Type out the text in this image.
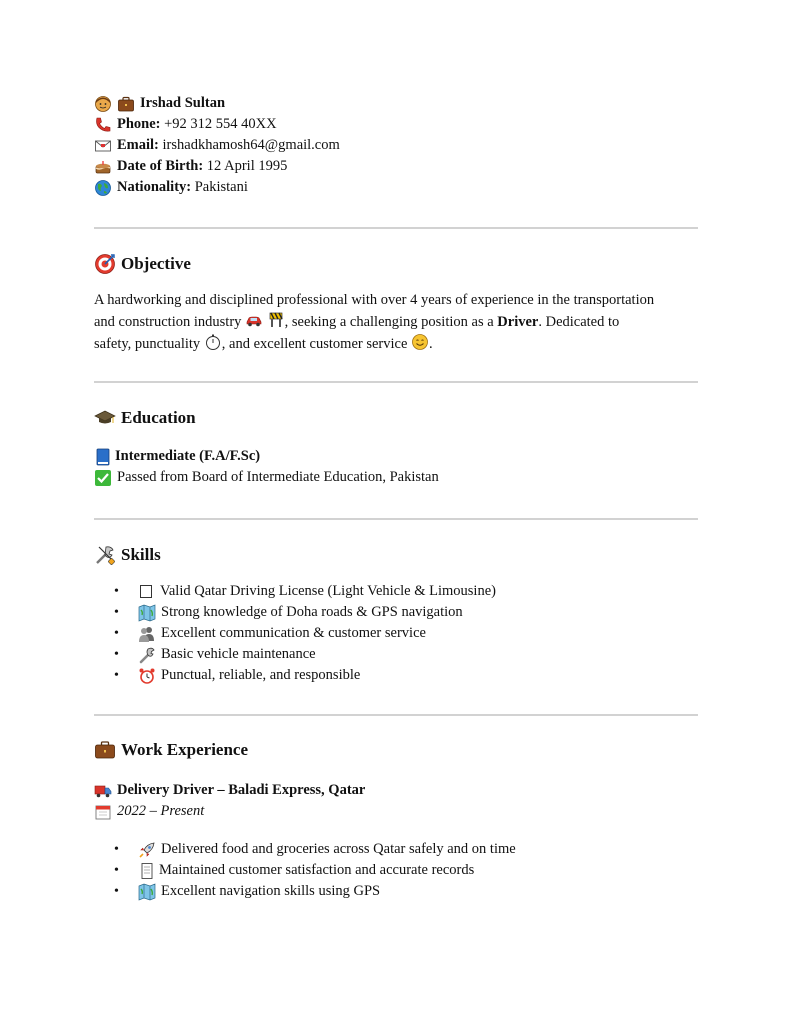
Irshad Sultan
Phone:
+92 312 554 40XX
Email:
irshadkhamosh64@gmail.com
Date of Birth:
12 April 1995
Nationality:
Pakistani
Objective
A hardworking and disciplined professional with over 4 years of experience in the transportation
and construction industry
	, seeking a challenging position as a Driver. Dedicated to
safety, punctuality , and excellent customer service .
Education
Intermediate (F.A/F.Sc)
Passed from Board of Intermediate Education, Pakistan
Skills
•	Valid Qatar Driving License (Light Vehicle & Limousine)
•	Strong knowledge of Doha roads & GPS navigation
•	Excellent communication & customer service
•	Basic vehicle maintenance
•	Punctual, reliable, and responsible
Work Experience
Delivery Driver – Baladi Express, Qatar
2022 – Present
•	Delivered food and groceries across Qatar safely and on time
•	Maintained customer satisfaction and accurate records
•	Excellent navigation skills using GPS
